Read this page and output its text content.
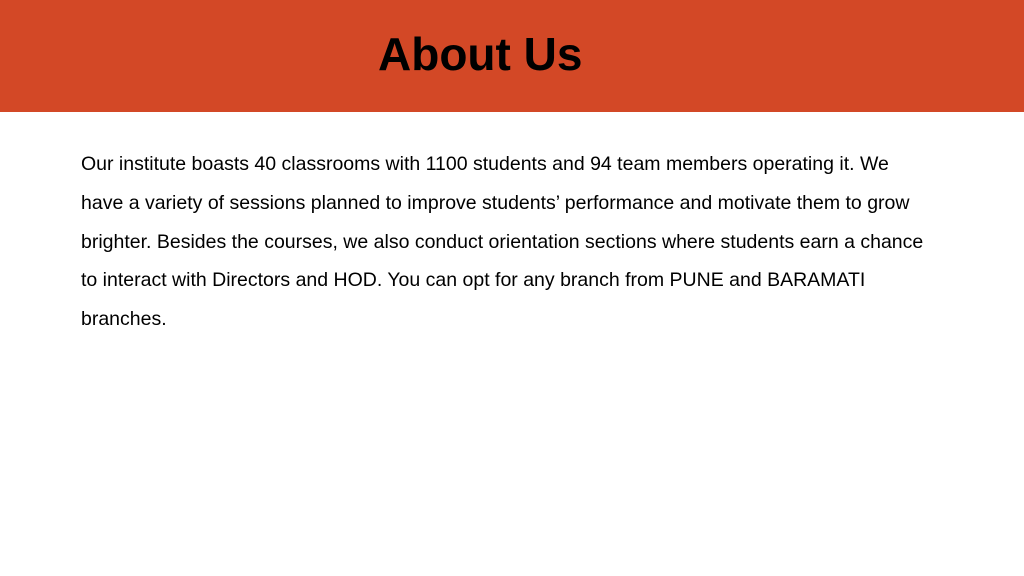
About Us

Our institute boasts 40 classrooms with 1100 students and 94 team members operating it. We have a variety of sessions planned to improve students’ performance and motivate them to grow brighter. Besides the courses, we also conduct orientation sections where students earn a chance to interact with Directors and HOD. You can opt for any branch from PUNE and BARAMATI branches.
